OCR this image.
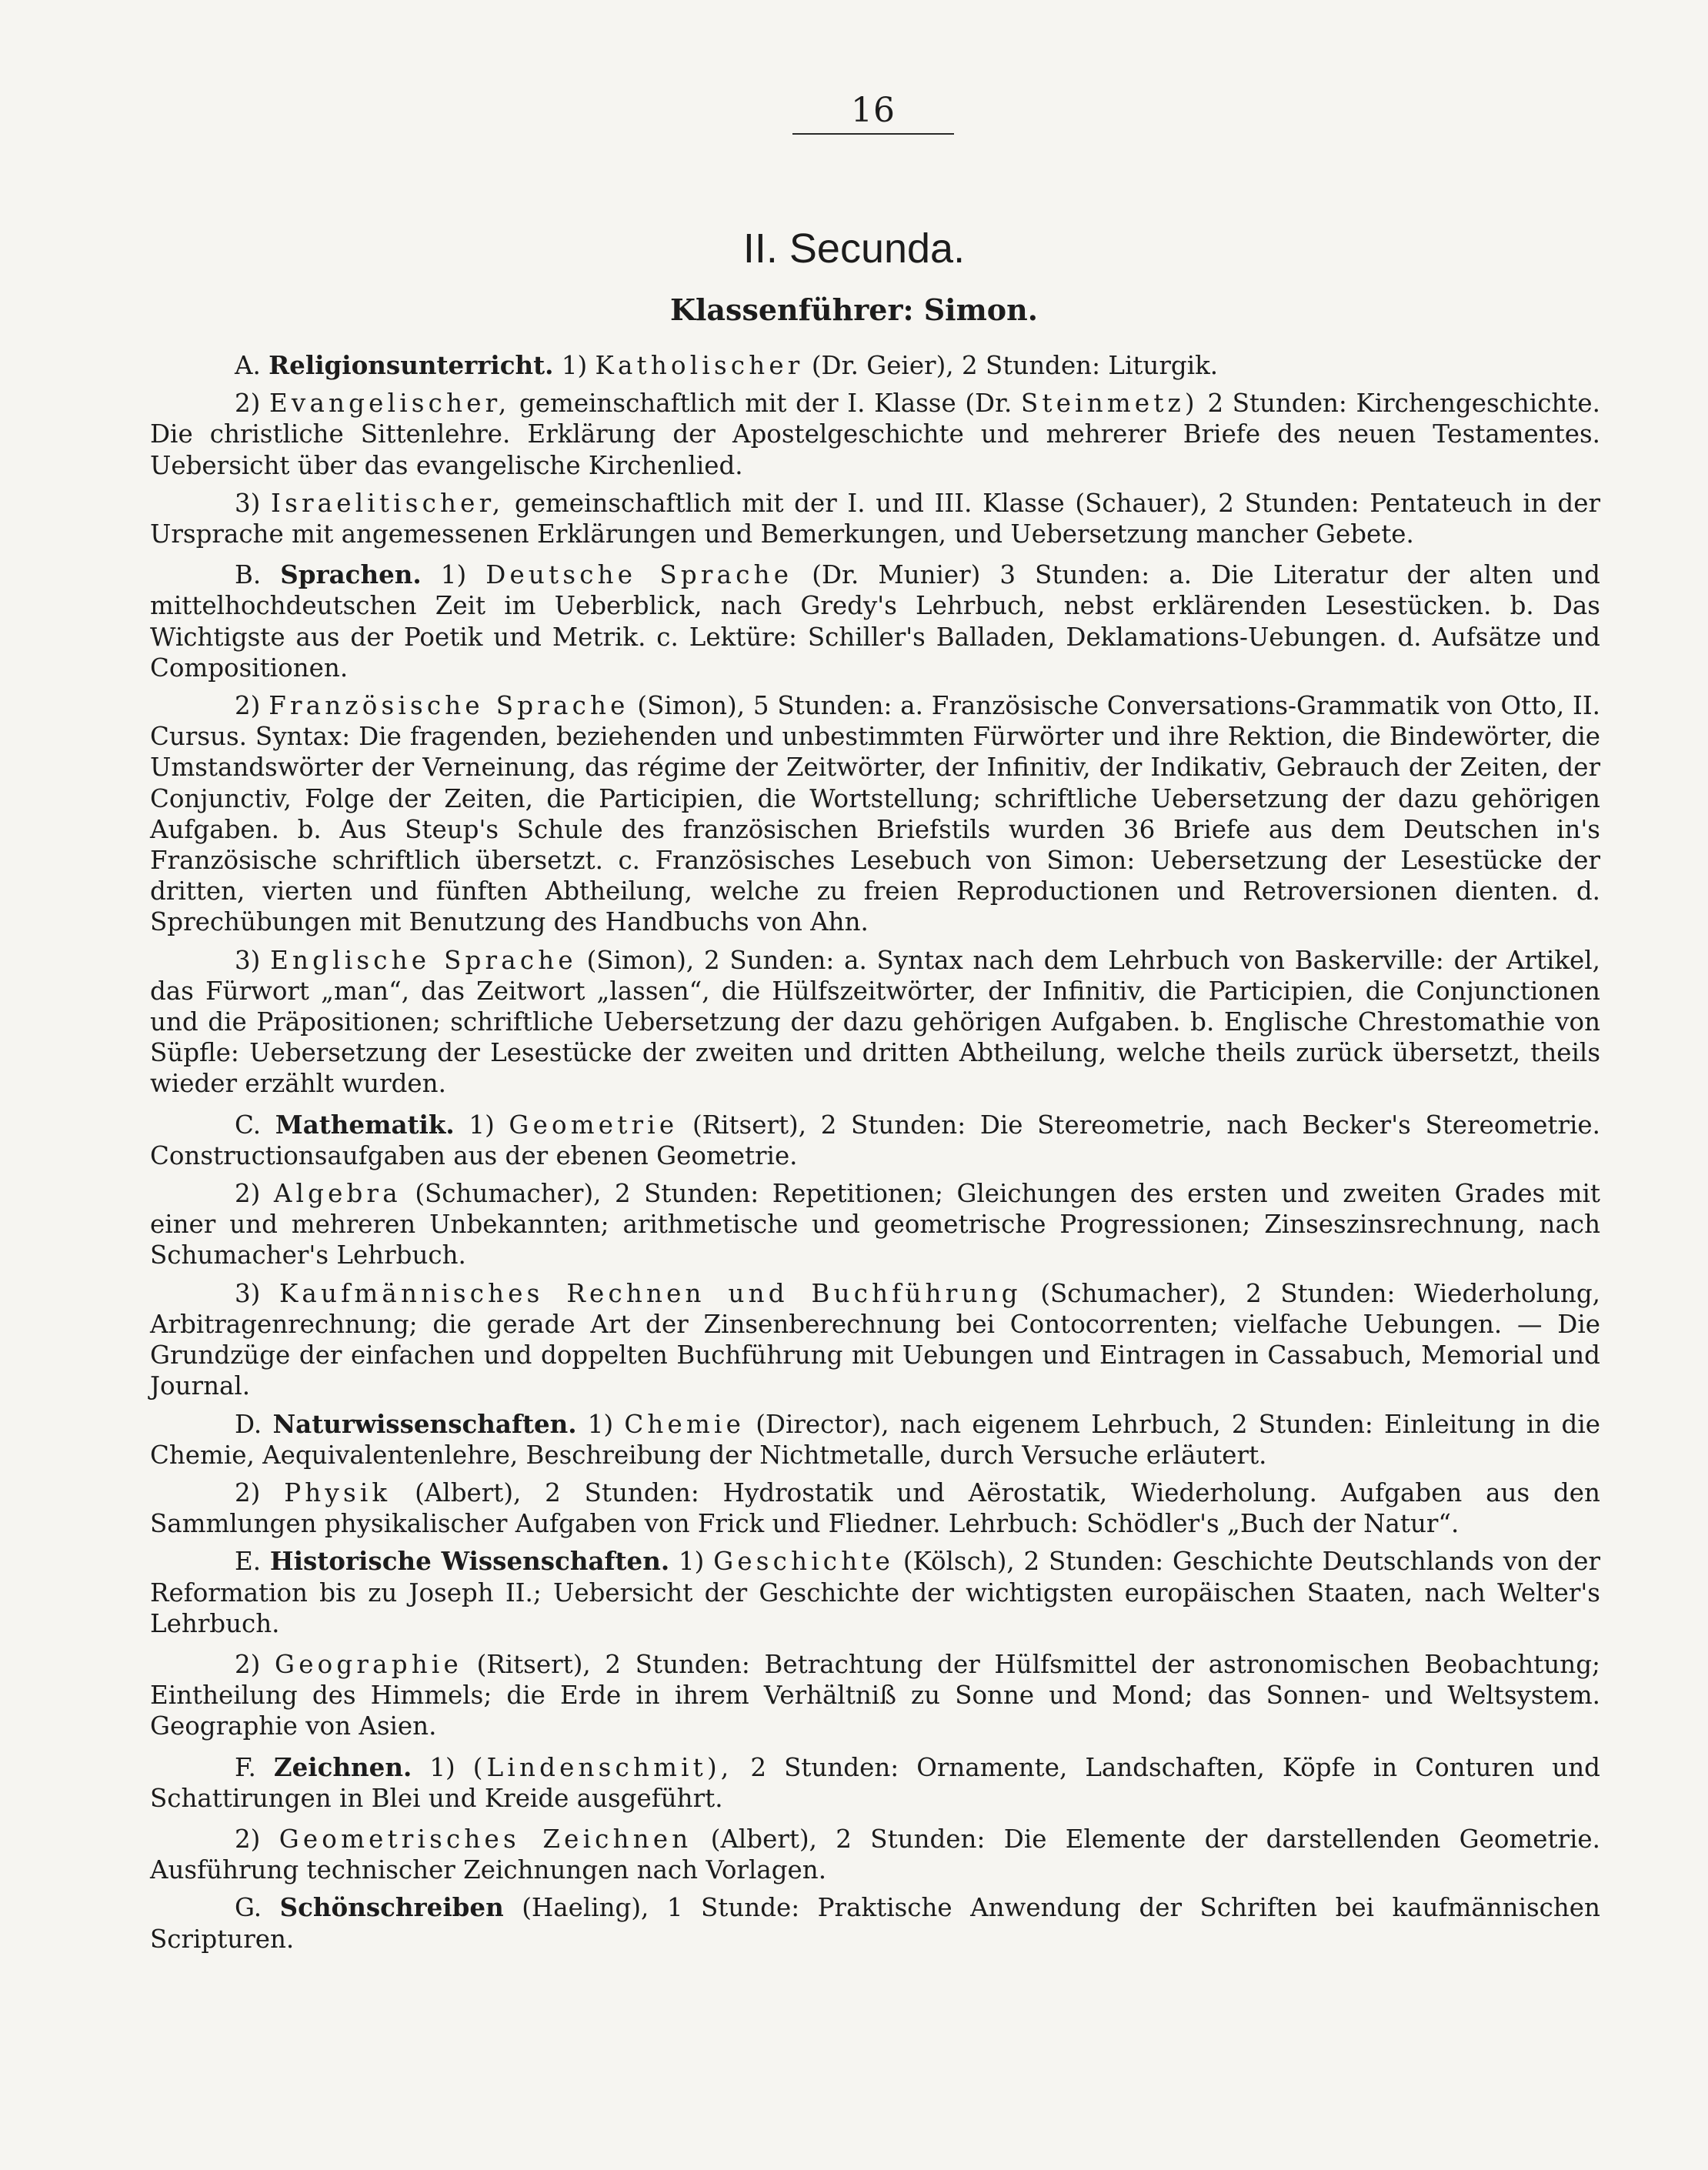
16
II. Secunda.
Klassenführer: Simon.

A. Religionsunterricht. 1) Katholischer (Dr. Geier), 2 Stunden: Liturgik.

2) Evangelischer, gemeinschaftlich mit der I. Klasse (Dr. Steinmetz) 2 Stunden: Kirchengeschichte. Die christliche Sittenlehre. Erklärung der Apostelgeschichte und mehrerer Briefe des neuen Testamentes. Uebersicht über das evangelische Kirchenlied.

3) Israelitischer, gemeinschaftlich mit der I. und III. Klasse (Schauer), 2 Stunden: Pentateuch in der Ursprache mit angemessenen Erklärungen und Bemerkungen, und Uebersetzung mancher Gebete.

B. Sprachen. 1) Deutsche Sprache (Dr. Munier) 3 Stunden: a. Die Literatur der alten und mittelhochdeutschen Zeit im Ueberblick, nach Gredy's Lehrbuch, nebst erklärenden Lesestücken. b. Das Wichtigste aus der Poetik und Metrik. c. Lektüre: Schiller's Balladen, Deklamations-Uebungen. d. Aufsätze und Compositionen.

2) Französische Sprache (Simon), 5 Stunden: a. Französische Conversations-Grammatik von Otto, II. Cursus. Syntax: Die fragenden, beziehenden und unbestimmten Fürwörter und ihre Rektion, die Bindewörter, die Umstandswörter der Verneinung, das régime der Zeitwörter, der Infinitiv, der Indikativ, Gebrauch der Zeiten, der Conjunctiv, Folge der Zeiten, die Participien, die Wortstellung; schriftliche Uebersetzung der dazu gehörigen Aufgaben. b. Aus Steup's Schule des französischen Briefstils wurden 36 Briefe aus dem Deutschen in's Französische schriftlich übersetzt. c. Französisches Lesebuch von Simon: Uebersetzung der Lesestücke der dritten, vierten und fünften Abtheilung, welche zu freien Reproductionen und Retroversionen dienten. d. Sprechübungen mit Benutzung des Handbuchs von Ahn.

3) Englische Sprache (Simon), 2 Sunden: a. Syntax nach dem Lehrbuch von Baskerville: der Artikel, das Fürwort „man“, das Zeitwort „lassen“, die Hülfszeitwörter, der Infinitiv, die Participien, die Conjunctionen und die Präpositionen; schriftliche Uebersetzung der dazu gehörigen Aufgaben. b. Englische Chrestomathie von Süpfle: Uebersetzung der Lesestücke der zweiten und dritten Abtheilung, welche theils zurück übersetzt, theils wieder erzählt wurden.

C. Mathematik. 1) Geometrie (Ritsert), 2 Stunden: Die Stereometrie, nach Becker's Stereometrie. Constructionsaufgaben aus der ebenen Geometrie.

2) Algebra (Schumacher), 2 Stunden: Repetitionen; Gleichungen des ersten und zweiten Grades mit einer und mehreren Unbekannten; arithmetische und geometrische Progressionen; Zinseszinsrechnung, nach Schumacher's Lehrbuch.

3) Kaufmännisches Rechnen und Buchführung (Schumacher), 2 Stunden: Wiederholung, Arbitragenrechnung; die gerade Art der Zinsenberechnung bei Contocorrenten; vielfache Uebungen. — Die Grundzüge der einfachen und doppelten Buchführung mit Uebungen und Eintragen in Cassabuch, Memorial und Journal.

D. Naturwissenschaften. 1) Chemie (Director), nach eigenem Lehrbuch, 2 Stunden: Einleitung in die Chemie, Aequivalentenlehre, Beschreibung der Nichtmetalle, durch Versuche erläutert.

2) Physik (Albert), 2 Stunden: Hydrostatik und Aërostatik, Wiederholung. Aufgaben aus den Sammlungen physikalischer Aufgaben von Frick und Fliedner. Lehrbuch: Schödler's „Buch der Natur“.

E. Historische Wissenschaften. 1) Geschichte (Kölsch), 2 Stunden: Geschichte Deutschlands von der Reformation bis zu Joseph II.; Uebersicht der Geschichte der wichtigsten europäischen Staaten, nach Welter's Lehrbuch.

2) Geographie (Ritsert), 2 Stunden: Betrachtung der Hülfsmittel der astronomischen Beobachtung; Eintheilung des Himmels; die Erde in ihrem Verhältniß zu Sonne und Mond; das Sonnen- und Weltsystem. Geographie von Asien.

F. Zeichnen. 1) (Lindenschmit), 2 Stunden: Ornamente, Landschaften, Köpfe in Conturen und Schattirungen in Blei und Kreide ausgeführt.

2) Geometrisches Zeichnen (Albert), 2 Stunden: Die Elemente der darstellenden Geometrie. Ausführung technischer Zeichnungen nach Vorlagen.

G. Schönschreiben (Haeling), 1 Stunde: Praktische Anwendung der Schriften bei kaufmännischen Scripturen.
